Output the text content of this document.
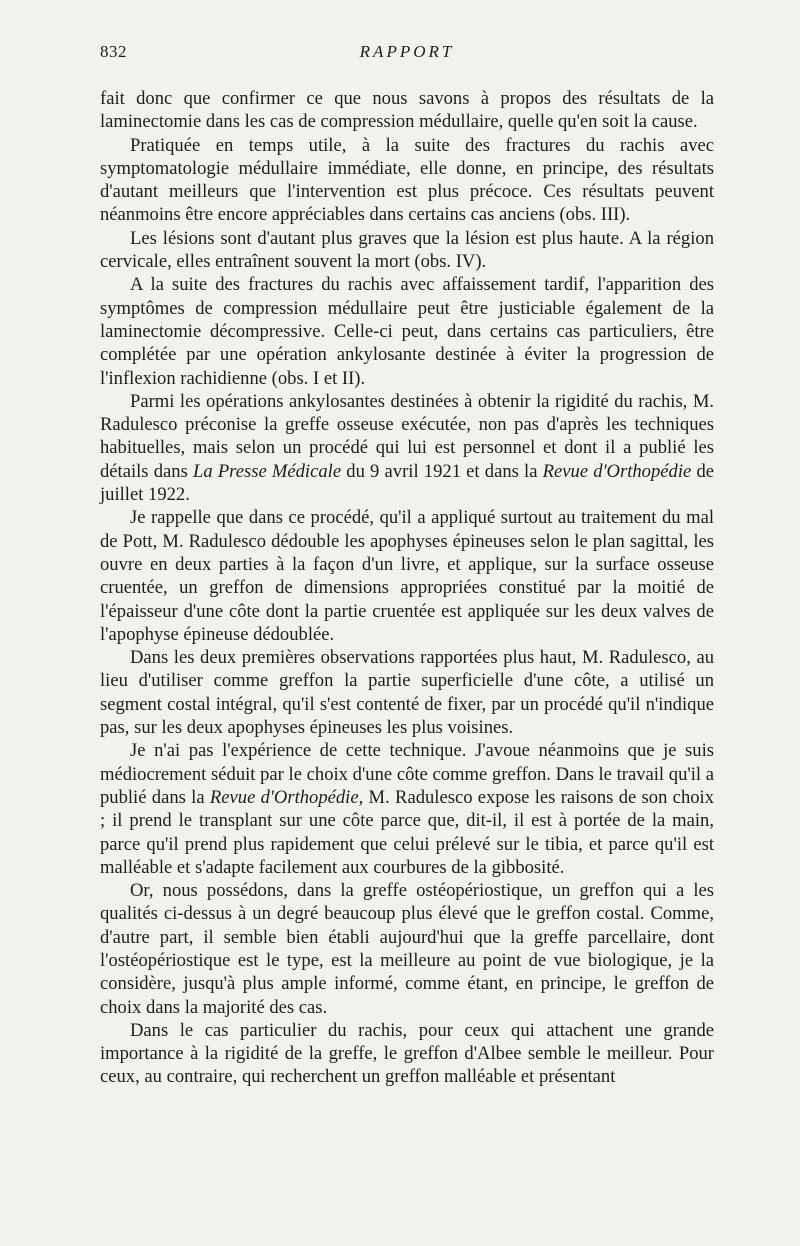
832	RAPPORT

fait donc que confirmer ce que nous savons à propos des résultats de la laminectomie dans les cas de compression médullaire, quelle qu'en soit la cause.

Pratiquée en temps utile, à la suite des fractures du rachis avec symptomatologie médullaire immédiate, elle donne, en principe, des résultats d'autant meilleurs que l'intervention est plus précoce. Ces résultats peuvent néanmoins être encore appréciables dans certains cas anciens (obs. III).

Les lésions sont d'autant plus graves que la lésion est plus haute. A la région cervicale, elles entraînent souvent la mort (obs. IV).

A la suite des fractures du rachis avec affaissement tardif, l'apparition des symptômes de compression médullaire peut être justiciable également de la laminectomie décompressive. Celle-ci peut, dans certains cas particuliers, être complétée par une opération ankylosante destinée à éviter la progression de l'inflexion rachidienne (obs. I et II).

Parmi les opérations ankylosantes destinées à obtenir la rigidité du rachis, M. Radulesco préconise la greffe osseuse exécutée, non pas d'après les techniques habituelles, mais selon un procédé qui lui est personnel et dont il a publié les détails dans La Presse Médicale du 9 avril 1921 et dans la Revue d'Orthopédie de juillet 1922.

Je rappelle que dans ce procédé, qu'il a appliqué surtout au traitement du mal de Pott, M. Radulesco dédouble les apophyses épineuses selon le plan sagittal, les ouvre en deux parties à la façon d'un livre, et applique, sur la surface osseuse cruentée, un greffon de dimensions appropriées constitué par la moitié de l'épaisseur d'une côte dont la partie cruentée est appliquée sur les deux valves de l'apophyse épineuse dédoublée.

Dans les deux premières observations rapportées plus haut, M. Radulesco, au lieu d'utiliser comme greffon la partie superficielle d'une côte, a utilisé un segment costal intégral, qu'il s'est contenté de fixer, par un procédé qu'il n'indique pas, sur les deux apophyses épineuses les plus voisines.

Je n'ai pas l'expérience de cette technique. J'avoue néanmoins que je suis médiocrement séduit par le choix d'une côte comme greffon. Dans le travail qu'il a publié dans la Revue d'Orthopédie, M. Radulesco expose les raisons de son choix ; il prend le transplant sur une côte parce que, dit-il, il est à portée de la main, parce qu'il prend plus rapidement que celui prélevé sur le tibia, et parce qu'il est malléable et s'adapte facilement aux courbures de la gibbosité.

Or, nous possédons, dans la greffe ostéopériostique, un greffon qui a les qualités ci-dessus à un degré beaucoup plus élevé que le greffon costal. Comme, d'autre part, il semble bien établi aujourd'hui que la greffe parcellaire, dont l'ostéopériostique est le type, est la meilleure au point de vue biologique, je la considère, jusqu'à plus ample informé, comme étant, en principe, le greffon de choix dans la majorité des cas.

Dans le cas particulier du rachis, pour ceux qui attachent une grande importance à la rigidité de la greffe, le greffon d'Albee semble le meilleur. Pour ceux, au contraire, qui recherchent un greffon malléable et présentant
